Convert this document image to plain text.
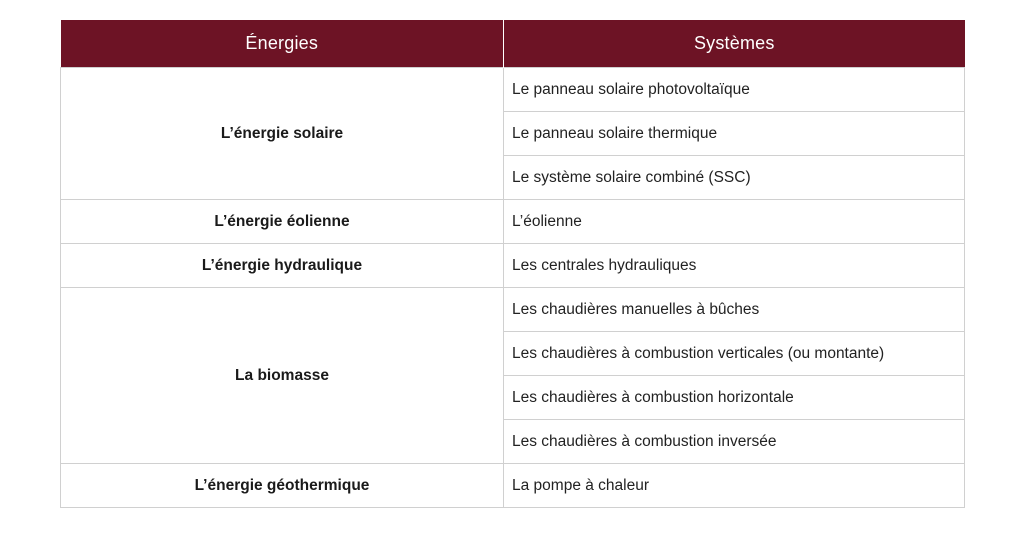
Énergies	Systèmes
L’énergie solaire	Le panneau solaire photovoltaïque
	Le panneau solaire thermique
	Le système solaire combiné (SSC)
L’énergie éolienne	L’éolienne
L’énergie hydraulique	Les centrales hydrauliques
La biomasse	Les chaudières manuelles à bûches
	Les chaudières à combustion verticales (ou montante)
	Les chaudières à combustion horizontale
	Les chaudières à combustion inversée
L’énergie géothermique	La pompe à chaleur
